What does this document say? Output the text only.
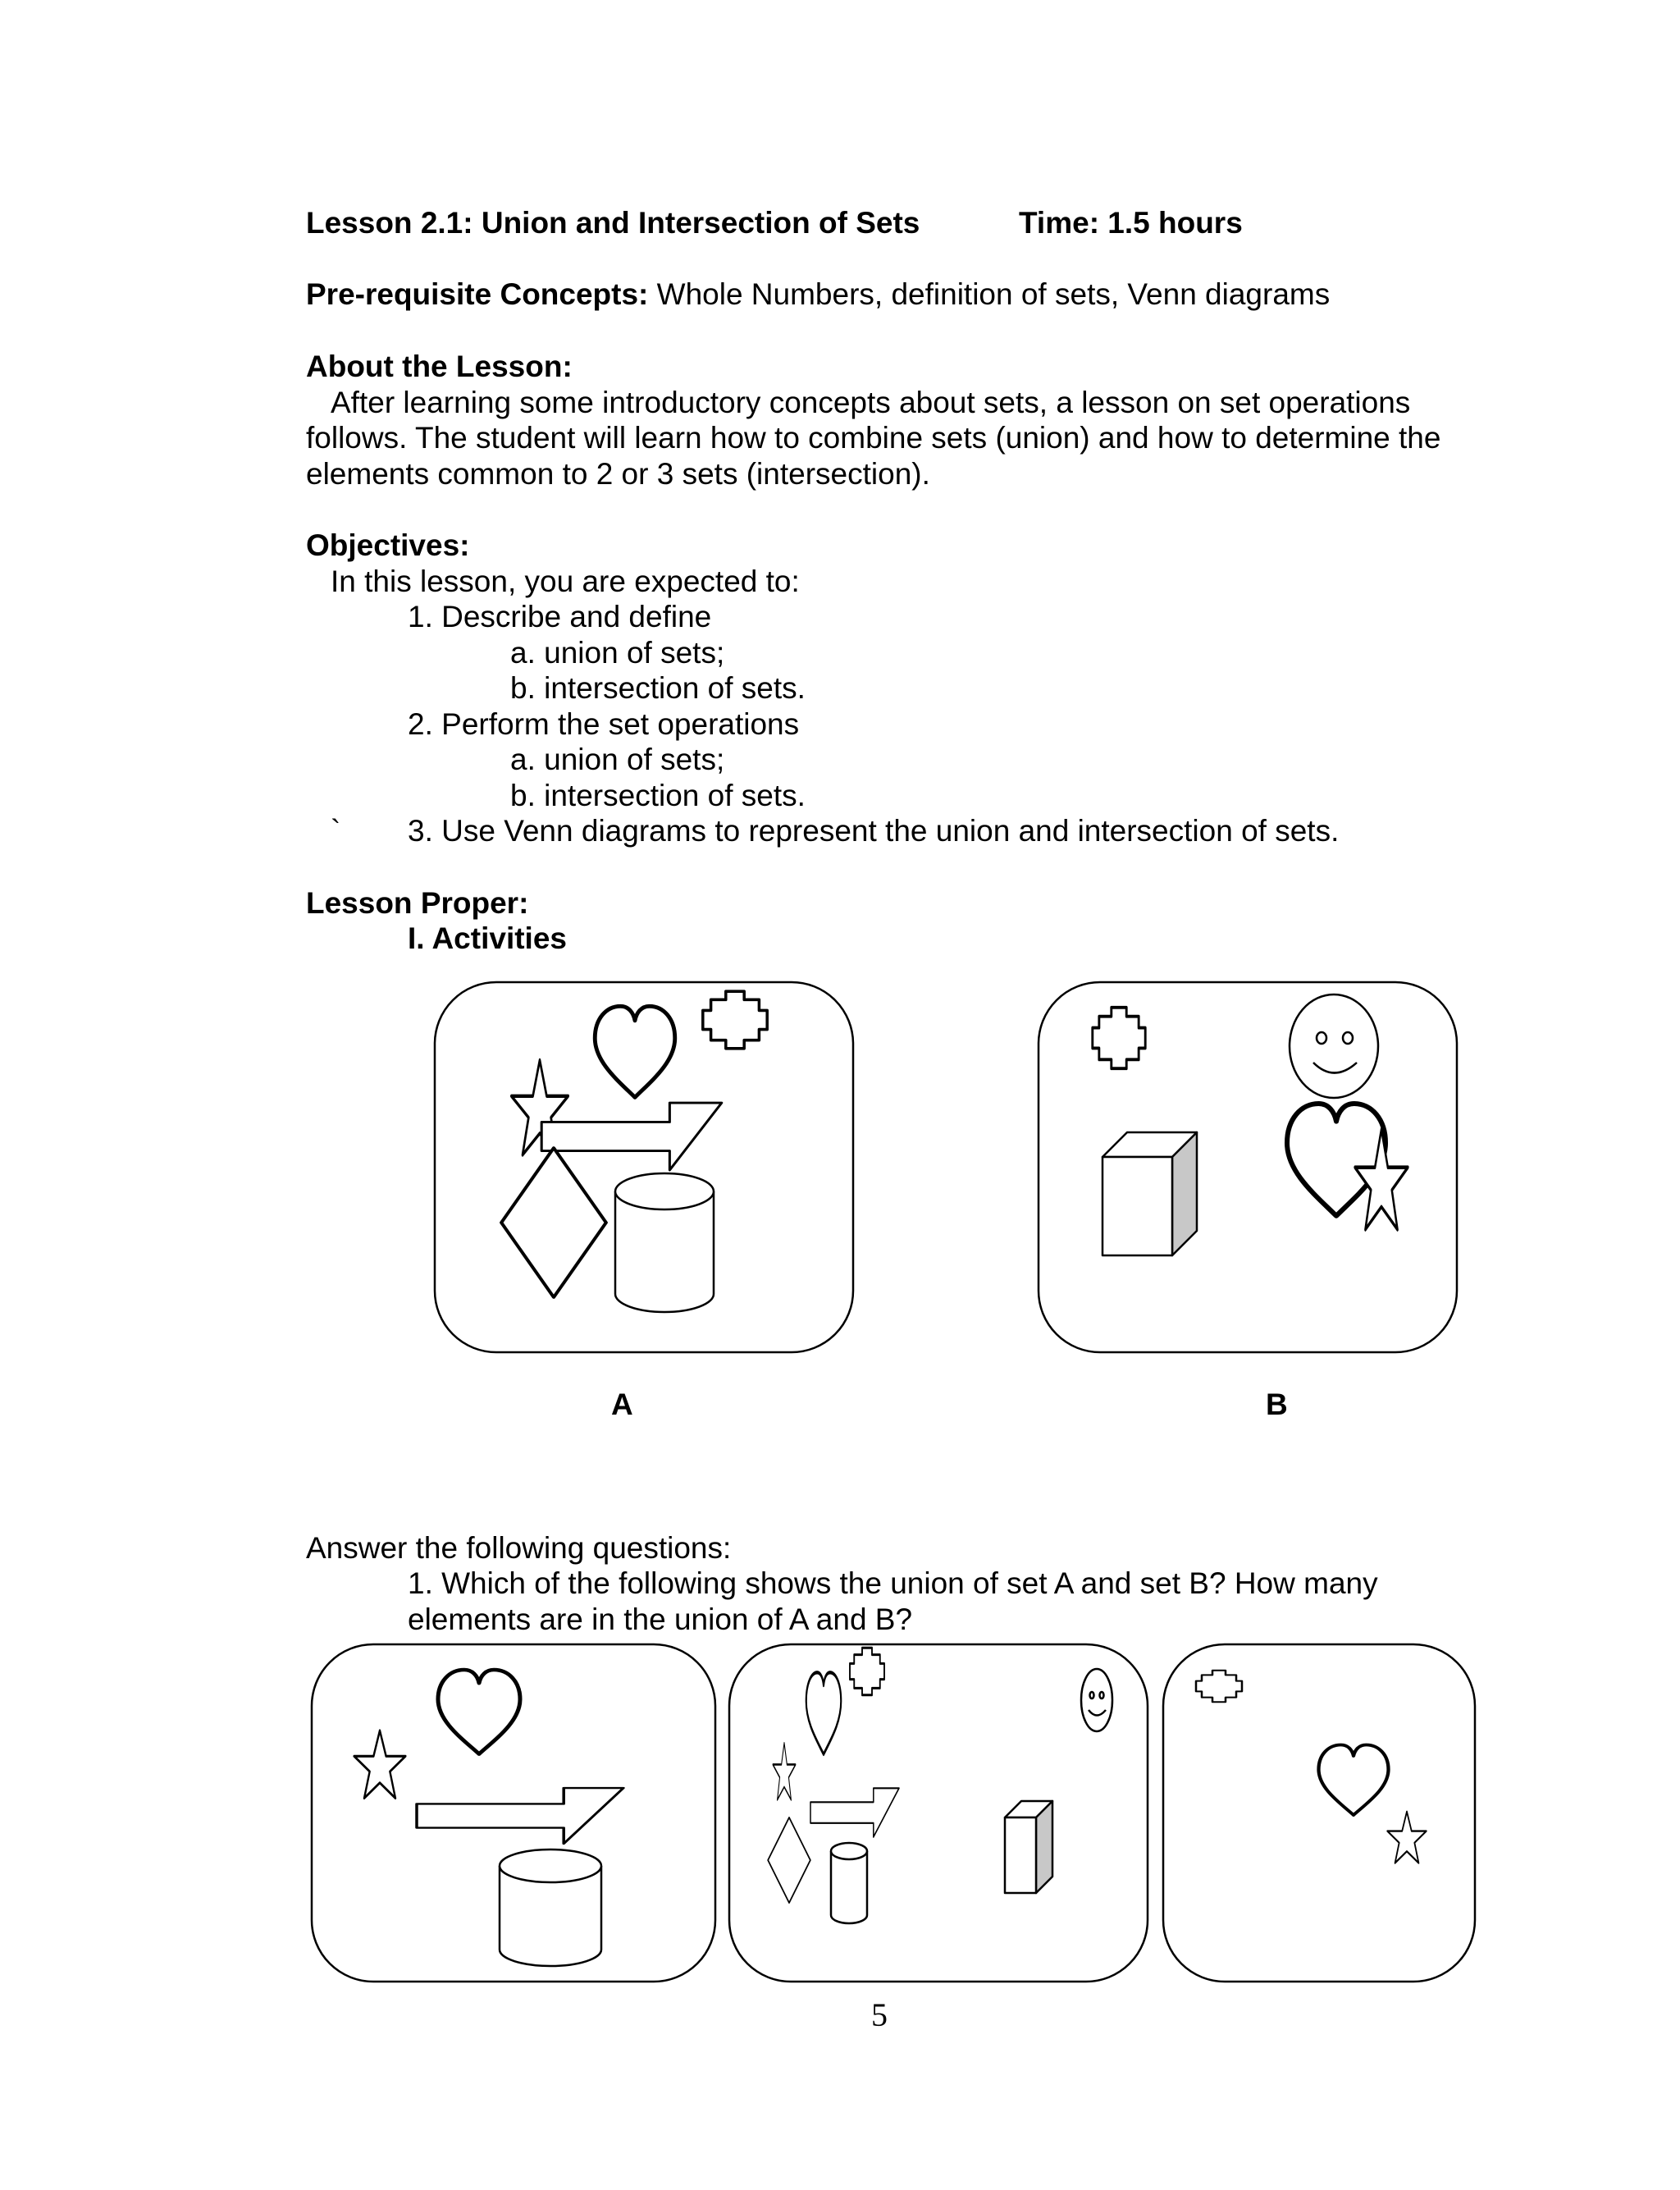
Lesson 2.1: Union and Intersection of Sets	Time: 1.5 hours
Pre-requisite Concepts: Whole Numbers, definition of sets, Venn diagrams
About the Lesson:
After learning some introductory concepts about sets, a lesson on set operations
follows. The student will learn how to combine sets (union) and how to determine the
elements common to 2 or 3 sets (intersection).
Objectives:
In this lesson, you are expected to:
1. Describe and define
a. union of sets;
b. intersection of sets.
2. Perform the set operations
a. union of sets;
b. intersection of sets.
` 3. Use Venn diagrams to represent the union and intersection of sets.
Lesson Proper:
I. Activities
A	B
Answer the following questions:
1. Which of the following shows the union of set A and set B? How many
elements are in the union of A and B?
5
